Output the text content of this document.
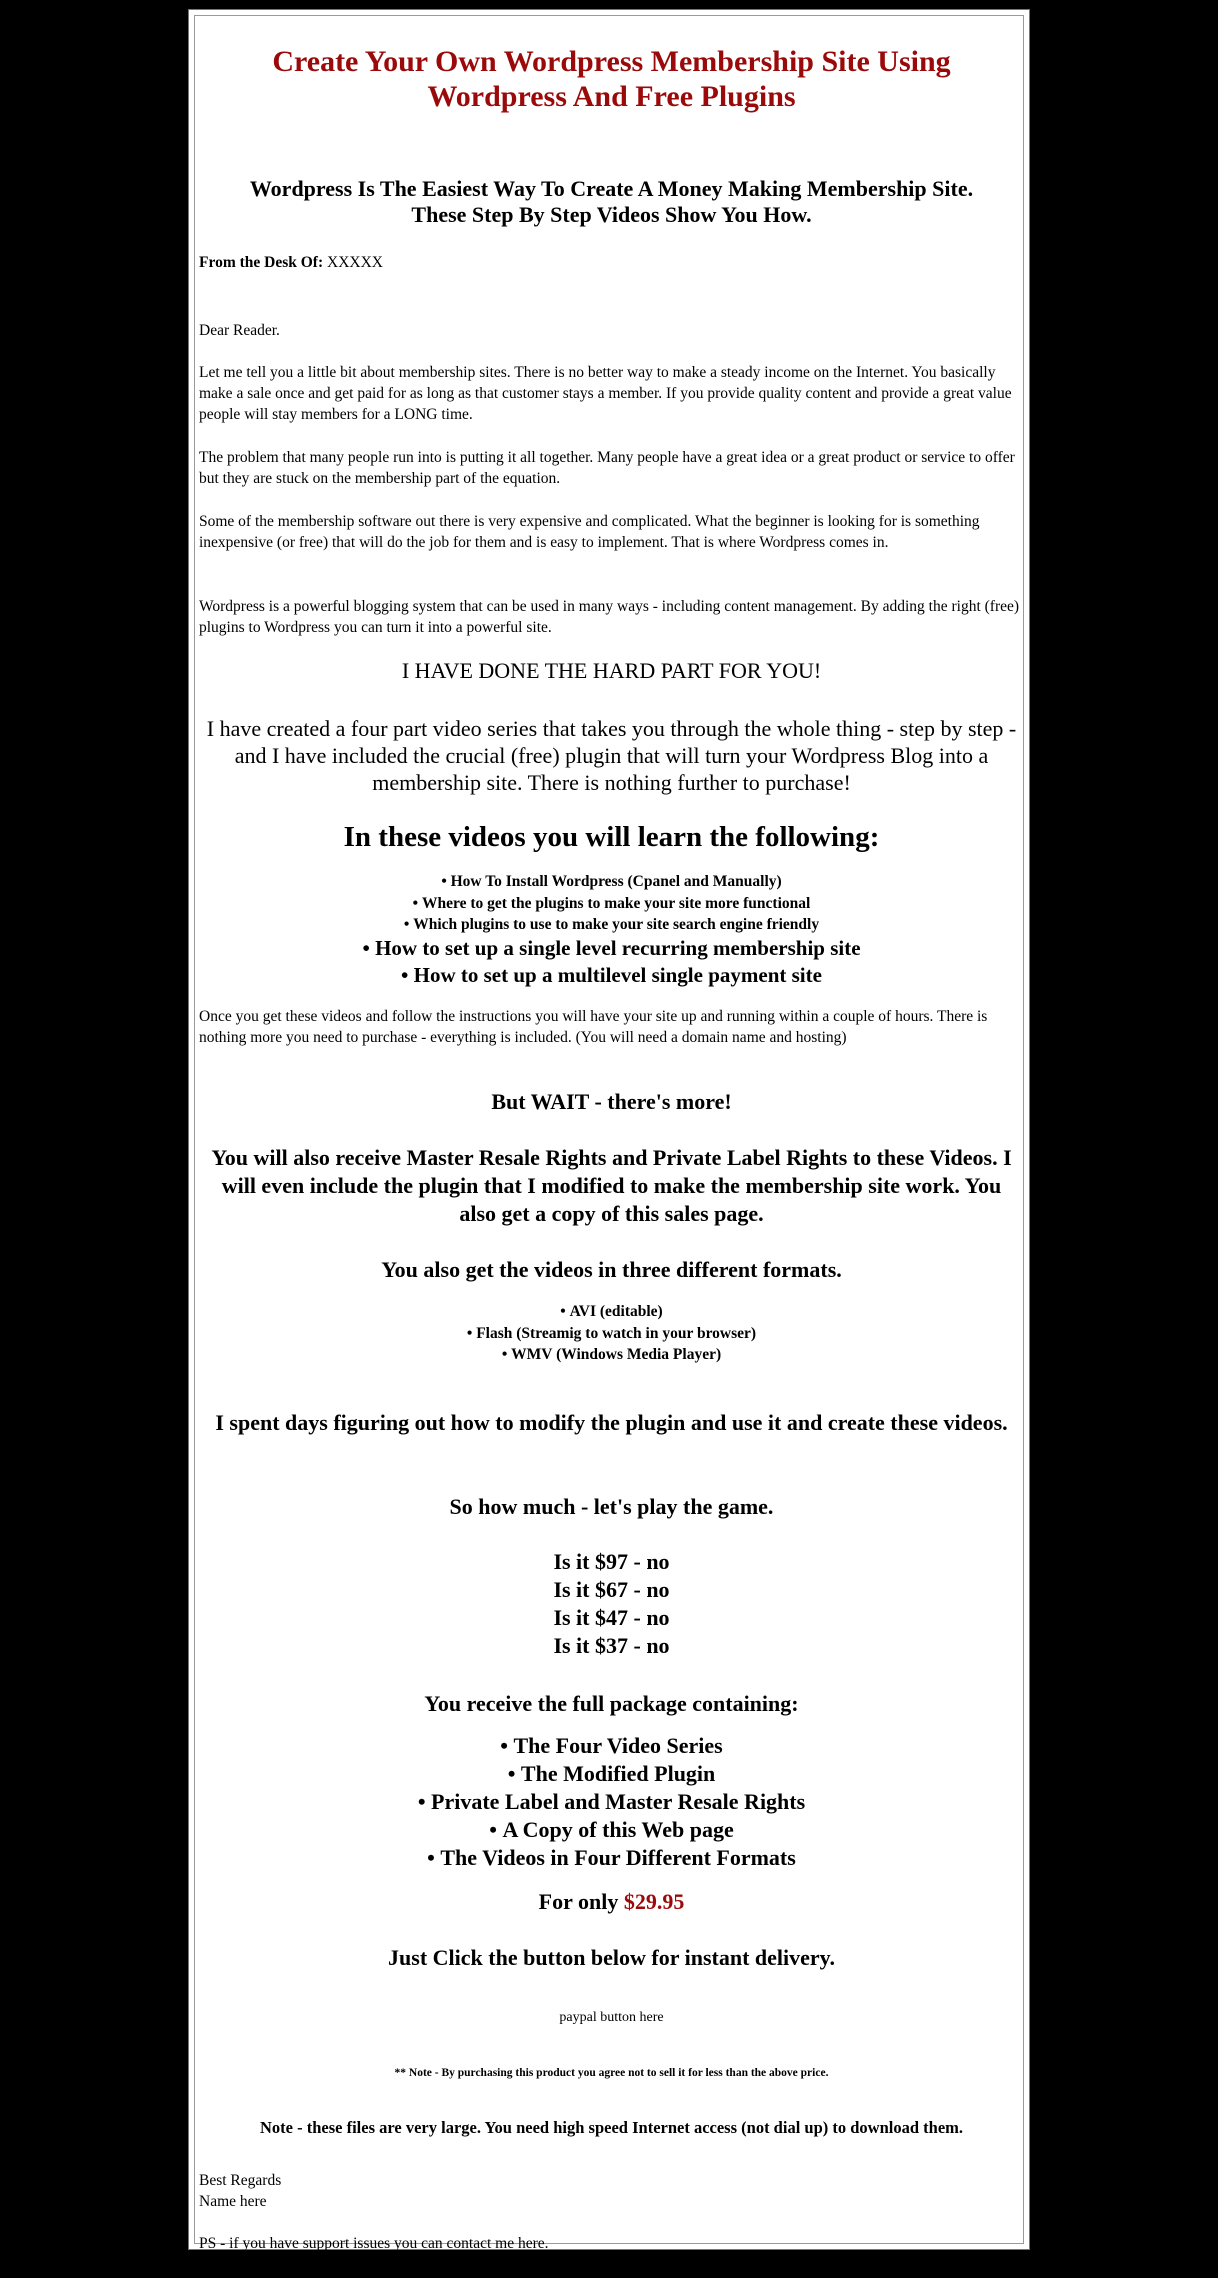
Create Your Own Wordpress Membership Site Using
Wordpress And Free Plugins
Wordpress Is The Easiest Way To Create A Money Making Membership Site.
These Step By Step Videos Show You How.
From the Desk Of: XXXXX
Dear Reader.
Let me tell you a little bit about membership sites. There is no better way to make a steady income on the Internet. You basically make a sale once and get paid for as long as that customer stays a member. If you provide quality content and provide a great value people will stay members for a LONG time.
The problem that many people run into is putting it all together. Many people have a great idea or a great product or service to offer but they are stuck on the membership part of the equation.
Some of the membership software out there is very expensive and complicated. What the beginner is looking for is something inexpensive (or free) that will do the job for them and is easy to implement. That is where Wordpress comes in.
Wordpress is a powerful blogging system that can be used in many ways - including content management. By adding the right (free) plugins to Wordpress you can turn it into a powerful site.
I HAVE DONE THE HARD PART FOR YOU!
I have created a four part video series that takes you through the whole thing - step by step - and I have included the crucial (free) plugin that will turn your Wordpress Blog into a membership site. There is nothing further to purchase!
In these videos you will learn the following:
• How To Install Wordpress (Cpanel and Manually)
• Where to get the plugins to make your site more functional
• Which plugins to use to make your site search engine friendly
• How to set up a single level recurring membership site
• How to set up a multilevel single payment site
Once you get these videos and follow the instructions you will have your site up and running within a couple of hours. There is nothing more you need to purchase - everything is included. (You will need a domain name and hosting)
But WAIT - there's more!
You will also receive Master Resale Rights and Private Label Rights to these Videos. I will even include the plugin that I modified to make the membership site work. You also get a copy of this sales page.
You also get the videos in three different formats.
• AVI (editable)
• Flash (Streamig to watch in your browser)
• WMV (Windows Media Player)
I spent days figuring out how to modify the plugin and use it and create these videos.
So how much - let's play the game.
Is it $97 - no
Is it $67 - no
Is it $47 - no
Is it $37 - no
You receive the full package containing:
• The Four Video Series
• The Modified Plugin
• Private Label and Master Resale Rights
• A Copy of this Web page
• The Videos in Four Different Formats
For only $29.95
Just Click the button below for instant delivery.
paypal button here
** Note - By purchasing this product you agree not to sell it for less than the above price.
Note - these files are very large. You need high speed Internet access (not dial up) to download them.
Best Regards
Name here
PS - if you have support issues you can contact me here.
